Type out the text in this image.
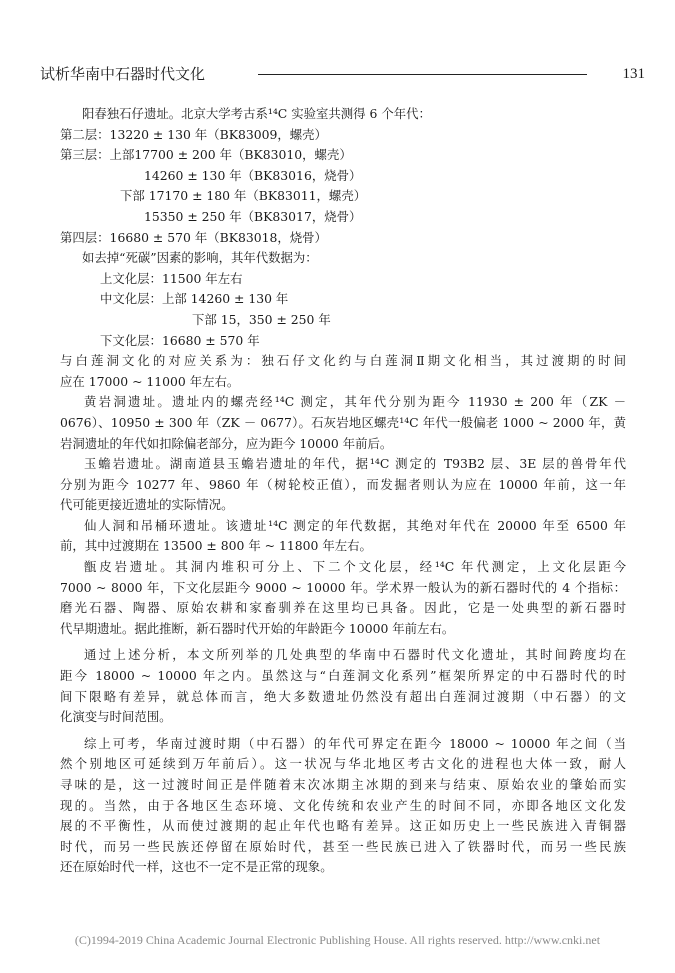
试析华南中石器时代文化	131
阳春独石仔遗址。北京大学考古系¹⁴C 实验室共测得 6 个年代：
第二层：13220 ± 130 年（BK83009，螺壳）
第三层：上部17700 ± 200 年（BK83010，螺壳）
14260 ± 130 年（BK83016，烧骨）
下部 17170 ± 180 年（BK83011，螺壳）
15350 ± 250 年（BK83017，烧骨）
第四层：16680 ± 570 年（BK83018，烧骨）
如去掉“死碳”因素的影响，其年代数据为：
上文化层：11500 年左右
中文化层：上部 14260 ± 130 年
下部 15，350 ± 250 年
下文化层：16680 ± 570 年
与白莲洞文化的对应关系为：独石仔文化约与白莲洞Ⅱ期文化相当，其过渡期的时间
应在 17000 ~ 11000 年左右。
黄岩洞遗址。遗址内的螺壳经¹⁴C 测定，其年代分别为距今 11930 ± 200 年（ZK －
0676）、10950 ± 300 年（ZK － 0677）。石灰岩地区螺壳¹⁴C 年代一般偏老 1000 ~ 2000 年，黄
岩洞遗址的年代如扣除偏老部分，应为距今 10000 年前后。
玉蟾岩遗址。湖南道县玉蟾岩遗址的年代，据¹⁴C 测定的 T93B2 层、3E 层的兽骨年代
分别为距今 10277 年、9860 年（树轮校正值），而发掘者则认为应在 10000 年前，这一年
代可能更接近遗址的实际情况。
仙人洞和吊桶环遗址。该遗址¹⁴C 测定的年代数据，其绝对年代在 20000 年至 6500 年
前，其中过渡期在 13500 ± 800 年 ~ 11800 年左右。
甑皮岩遗址。其洞内堆积可分上、下二个文化层，经¹⁴C 年代测定，上文化层距今
7000 ~ 8000 年，下文化层距今 9000 ~ 10000 年。学术界一般认为的新石器时代的 4 个指标：
磨光石器、陶器、原始农耕和家畜驯养在这里均已具备。因此，它是一处典型的新石器时
代早期遗址。据此推断，新石器时代开始的年龄距今 10000 年前左右。
通过上述分析，本文所列举的几处典型的华南中石器时代文化遗址，其时间跨度均在
距今 18000 ~ 10000 年之内。虽然这与“白莲洞文化系列”框架所界定的中石器时代的时
间下限略有差异，就总体而言，绝大多数遗址仍然没有超出白莲洞过渡期（中石器）的文
化演变与时间范围。
综上可考，华南过渡时期（中石器）的年代可界定在距今 18000 ~ 10000 年之间（当
然个别地区可延续到万年前后）。这一状况与华北地区考古文化的进程也大体一致，耐人
寻味的是，这一过渡时间正是伴随着末次冰期主冰期的到来与结束、原始农业的肇始而实
现的。当然，由于各地区生态环境、文化传统和农业产生的时间不同，亦即各地区文化发
展的不平衡性，从而使过渡期的起止年代也略有差异。这正如历史上一些民族进入青铜器
时代，而另一些民族还停留在原始时代，甚至一些民族已进入了铁器时代，而另一些民族
还在原始时代一样，这也不一定不是正常的现象。
(C)1994-2019 China Academic Journal Electronic Publishing House. All rights reserved. http://www.cnki.net
